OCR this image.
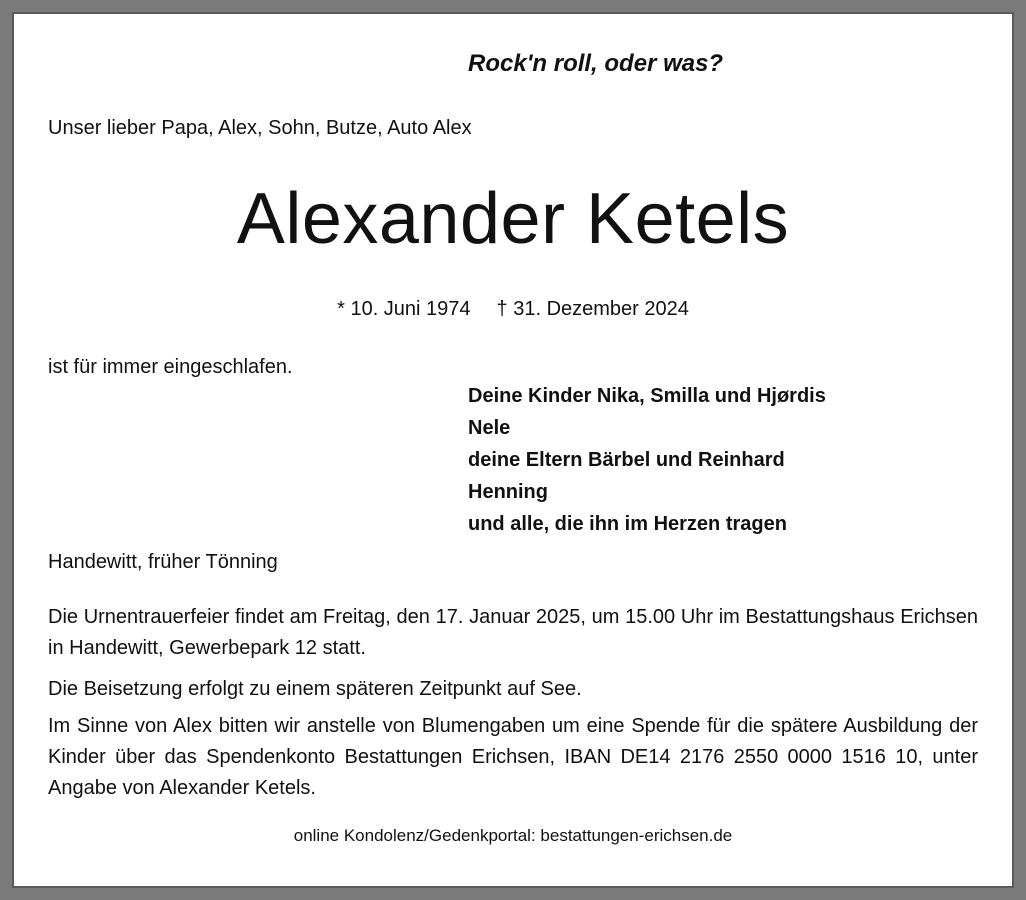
Rock'n roll, oder was?
Unser lieber Papa, Alex, Sohn, Butze, Auto Alex
Alexander Ketels
* 10. Juni 1974 † 31. Dezember 2024
ist für immer eingeschlafen.
Deine Kinder Nika, Smilla und Hjørdis
Nele
deine Eltern Bärbel und Reinhard
Henning
und alle, die ihn im Herzen tragen
Handewitt, früher Tönning

Die Urnentrauerfeier findet am Freitag, den 17. Januar 2025, um 15.00 Uhr im Bestattungshaus Erichsen in Handewitt, Gewerbepark 12 statt.

Die Beisetzung erfolgt zu einem späteren Zeitpunkt auf See.

Im Sinne von Alex bitten wir anstelle von Blumengaben um eine Spende für die spätere Ausbildung der Kinder über das Spendenkonto Bestattungen Erichsen, IBAN DE14 2176 2550 0000 1516 10, unter Angabe von Alexander Ketels.

online Kondolenz/Gedenkportal: bestattungen-erichsen.de
